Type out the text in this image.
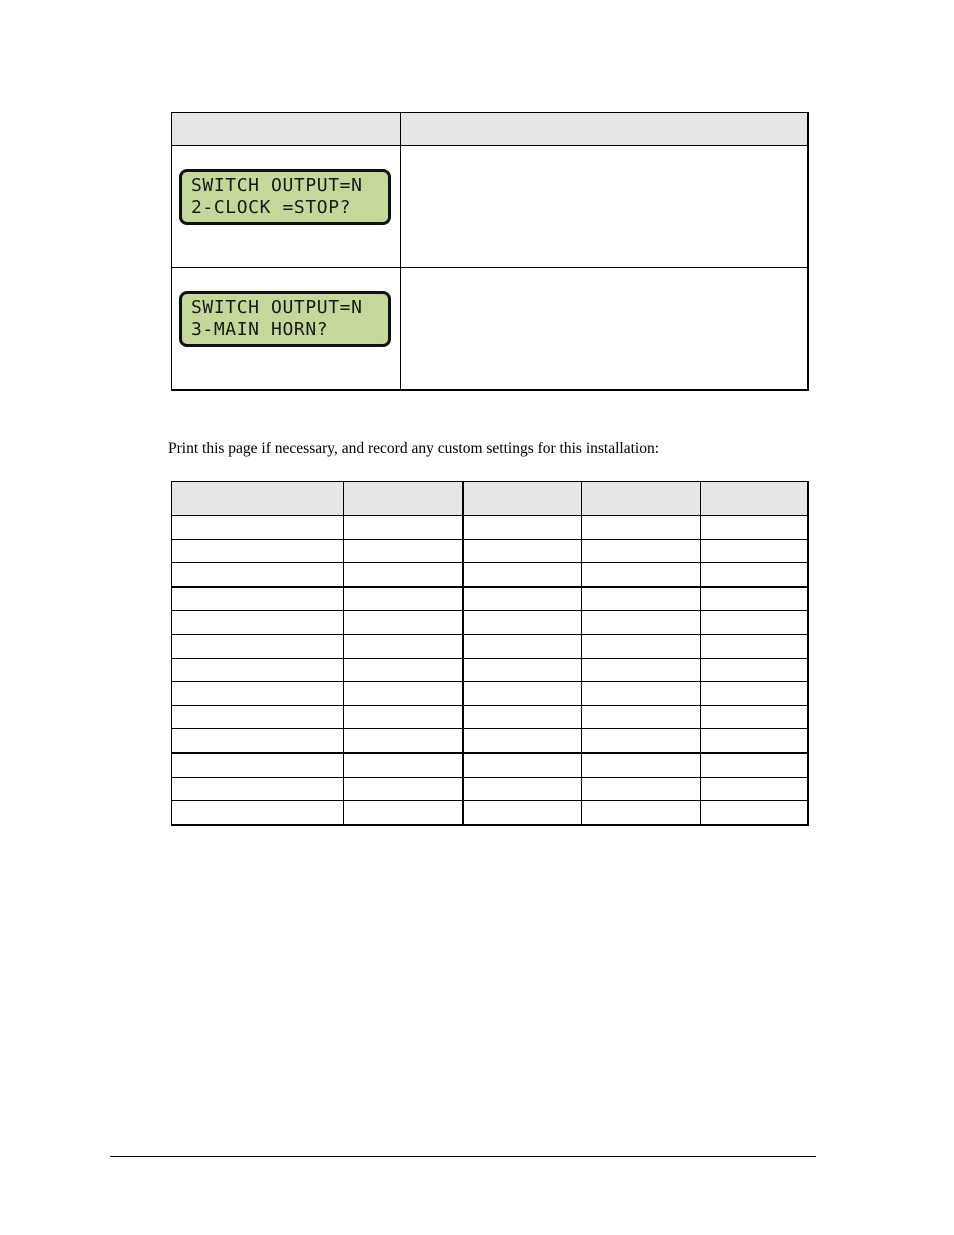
SWITCH OUTPUT=N
2-CLOCK =STOP?	

SWITCH OUTPUT=N
3-MAIN HORN?	

Print this page if necessary, and record any custom settings for this installation:
